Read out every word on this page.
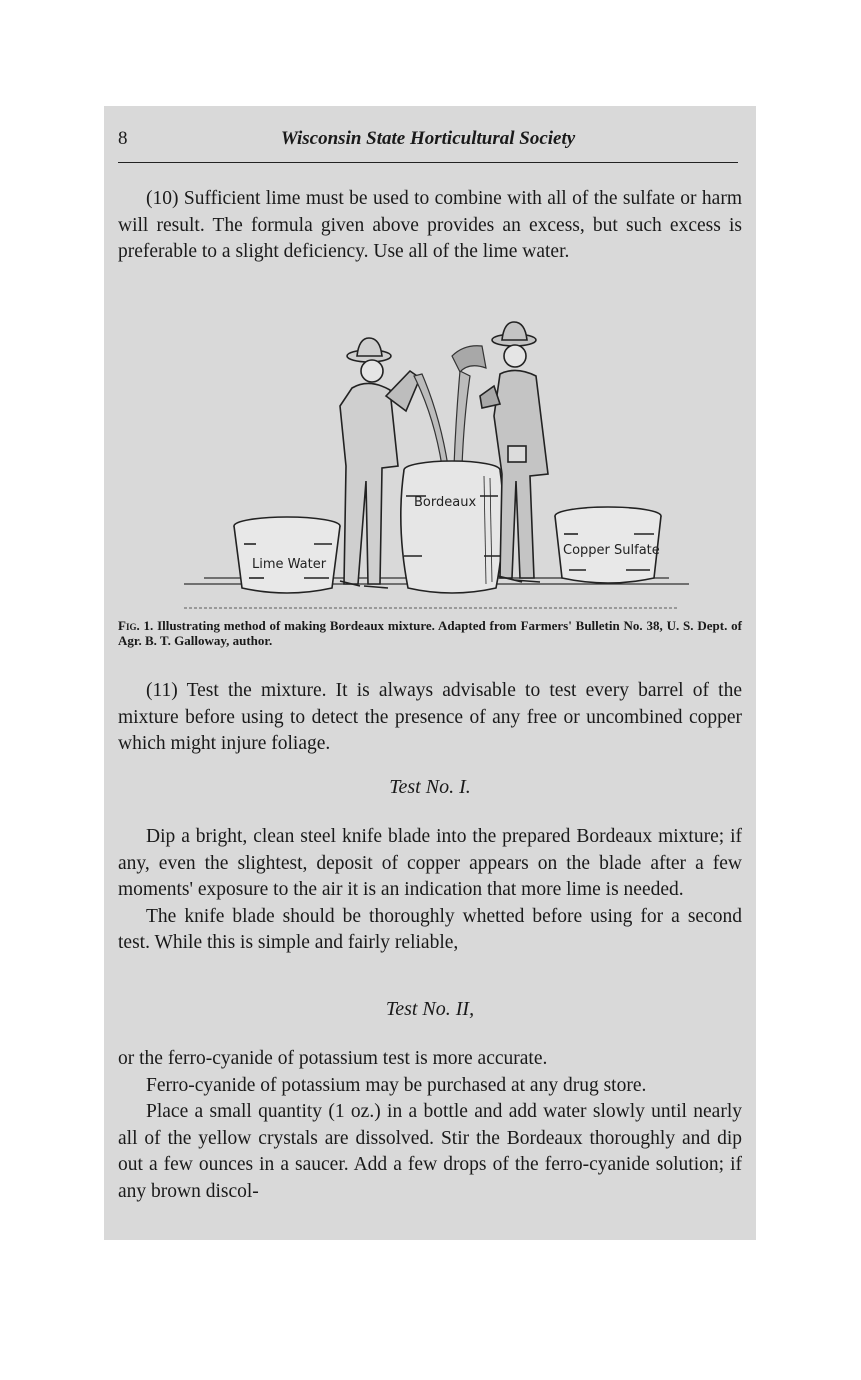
8	Wisconsin State Horticultural Society

(10) Sufficient lime must be used to combine with all of the sulfate or harm will result. The formula given above provides an excess, but such excess is preferable to a slight deficiency. Use all of the lime water.

Lime Water
Bordeaux
Copper Sulfate
Fig. 1. Illustrating method of making Bordeaux mixture. Adapted from Farmers' Bulletin No. 38, U. S. Dept. of Agr. B. T. Galloway, author.

(11) Test the mixture. It is always advisable to test every barrel of the mixture before using to detect the presence of any free or uncombined copper which might injure foliage.

Test No. I.

Dip a bright, clean steel knife blade into the prepared Bordeaux mixture; if any, even the slightest, deposit of copper appears on the blade after a few moments' exposure to the air it is an indication that more lime is needed.

The knife blade should be thoroughly whetted before using for a second test. While this is simple and fairly reliable,

Test No. II,

or the ferro-cyanide of potassium test is more accurate.

Ferro-cyanide of potassium may be purchased at any drug store.

Place a small quantity (1 oz.) in a bottle and add water slowly until nearly all of the yellow crystals are dissolved. Stir the Bordeaux thoroughly and dip out a few ounces in a saucer. Add a few drops of the ferro-cyanide solution; if any brown discol-
